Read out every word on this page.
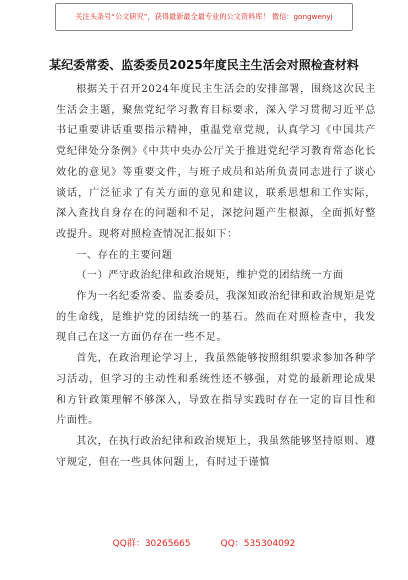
关注头条号“公文研究”，获得最新最全最专业的公文资料库！ 微信：gongwenyj
某纪委常委、监委委员2025年度民主生活会对照检查材料

根据关于召开2024年度民主生活会的安排部署，围绕这次民主生活会主题，聚焦党纪学习教育目标要求，深入学习贯彻习近平总书记重要讲话重要指示精神，重温党章党规，认真学习《中国共产党纪律处分条例》《中共中央办公厅关于推进党纪学习教育常态化长效化的意见》等重要文件，与班子成员和站所负责同志进行了谈心谈话，广泛征求了有关方面的意见和建议，联系思想和工作实际，深入查找自身存在的问题和不足，深挖问题产生根源，全面抓好整改提升。现将对照检查情况汇报如下：

一、存在的主要问题

（一）严守政治纪律和政治规矩，维护党的团结统一方面

作为一名纪委常委、监委委员，我深知政治纪律和政治规矩是党的生命线，是维护党的团结统一的基石。然而在对照检查中，我发现自己在这一方面仍存在一些不足。

首先，在政治理论学习上，我虽然能够按照组织要求参加各种学习活动，但学习的主动性和系统性还不够强，对党的最新理论成果和方针政策理解不够深入，导致在指导实践时存在一定的盲目性和片面性。

其次，在执行政治纪律和政治规矩上，我虽然能够坚持原则、遵守规定，但在一些具体问题上，有时过于谨慎

QQ群：30265665	QQ：535304092
